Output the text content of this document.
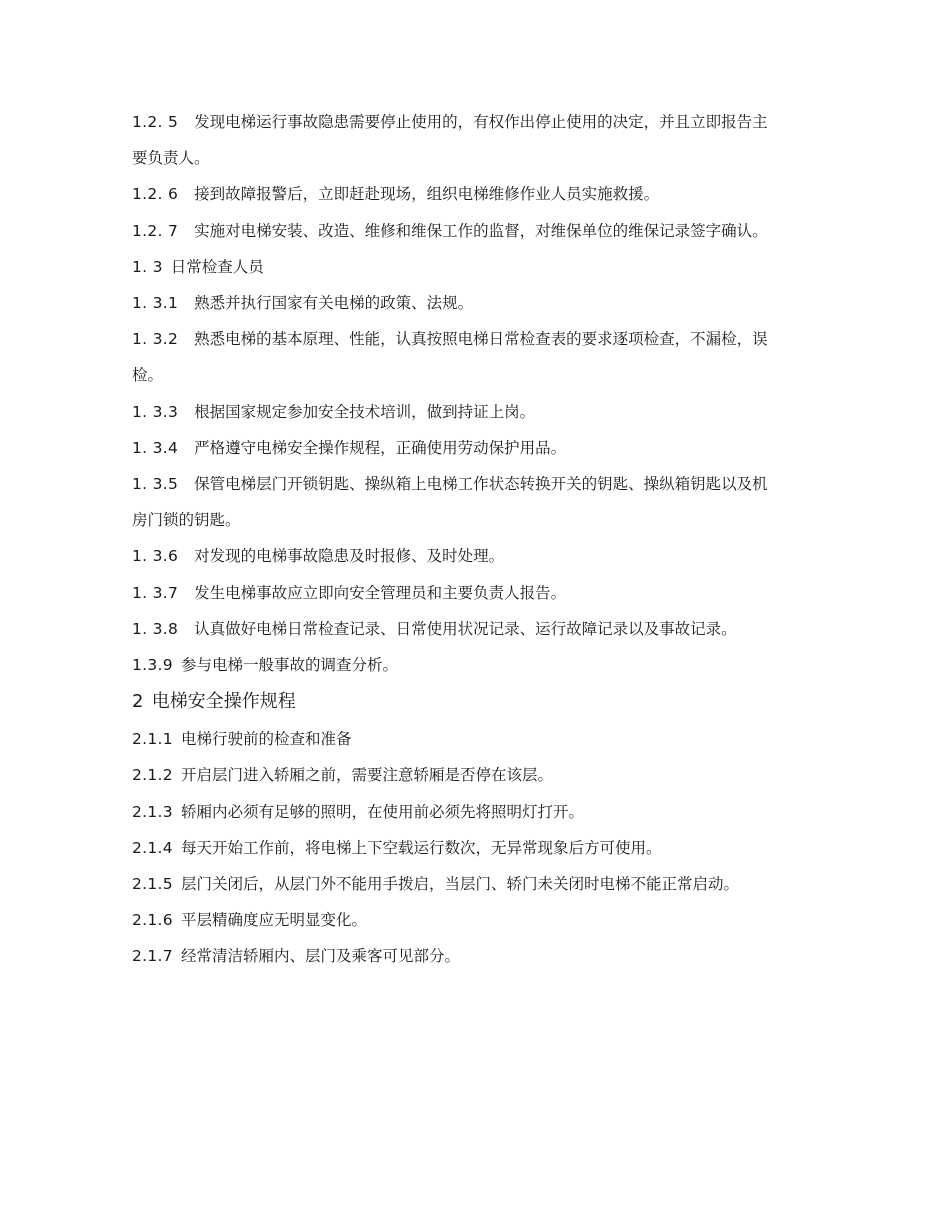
1.2. 5 发现电梯运行事故隐患需要停止使用的，有权作出停止使用的决定，并且立即报告主要负责人。

1.2. 6 接到故障报警后，立即赶赴现场，组织电梯维修作业人员实施救援。

1.2. 7 实施对电梯安装、改造、维修和维保工作的监督，对维保单位的维保记录签字确认。

1. 3 日常检查人员

1. 3.1 熟悉并执行国家有关电梯的政策、法规。

1. 3.2 熟悉电梯的基本原理、性能，认真按照电梯日常检查表的要求逐项检查，不漏检，误检。

1. 3.3 根据国家规定参加安全技术培训，做到持证上岗。

1. 3.4 严格遵守电梯安全操作规程，正确使用劳动保护用品。

1. 3.5 保管电梯层门开锁钥匙、操纵箱上电梯工作状态转换开关的钥匙、操纵箱钥匙以及机房门锁的钥匙。

1. 3.6 对发现的电梯事故隐患及时报修、及时处理。

1. 3.7 发生电梯事故应立即向安全管理员和主要负责人报告。

1. 3.8 认真做好电梯日常检查记录、日常使用状况记录、运行故障记录以及事故记录。

1.3.9 参与电梯一般事故的调查分析。

2 电梯安全操作规程

2.1.1 电梯行驶前的检查和准备

2.1.2 开启层门进入轿厢之前，需要注意轿厢是否停在该层。

2.1.3 轿厢内必须有足够的照明，在使用前必须先将照明灯打开。

2.1.4 每天开始工作前，将电梯上下空载运行数次，无异常现象后方可使用。

2.1.5 层门关闭后，从层门外不能用手拨启，当层门、轿门未关闭时电梯不能正常启动。

2.1.6 平层精确度应无明显变化。

2.1.7 经常清洁轿厢内、层门及乘客可见部分。
